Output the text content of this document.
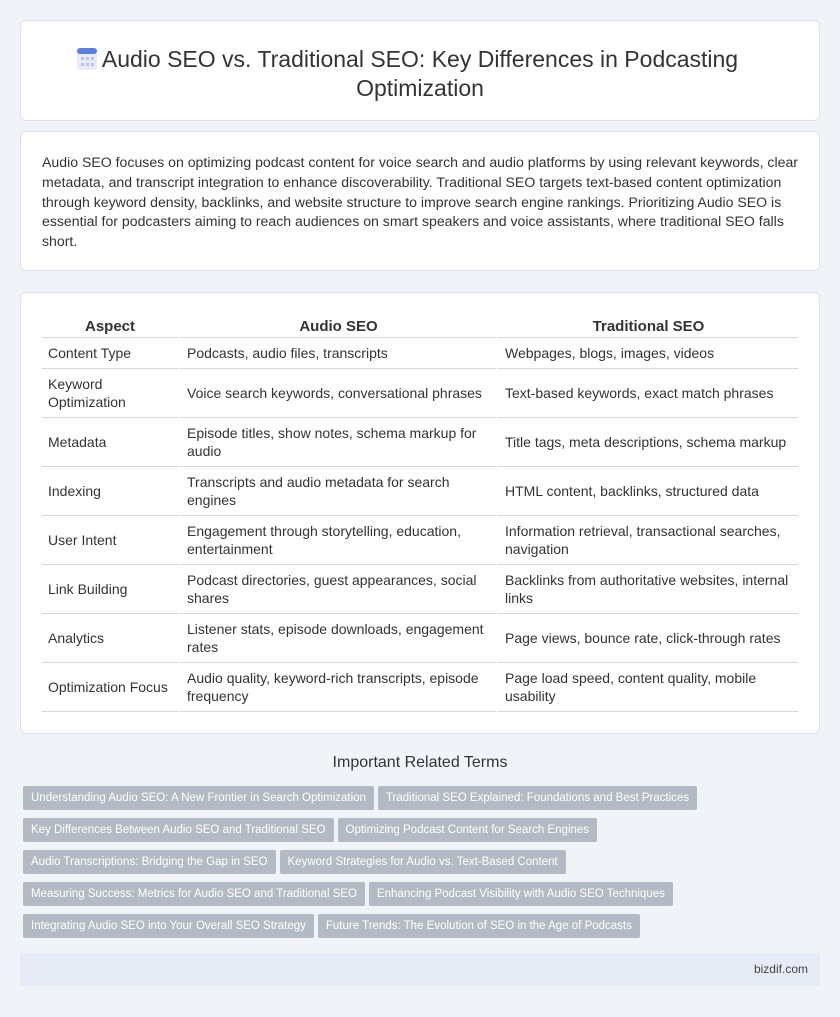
Audio SEO vs. Traditional SEO: Key Differences in Podcasting Optimization

Audio SEO focuses on optimizing podcast content for voice search and audio platforms by using relevant keywords, clear metadata, and transcript integration to enhance discoverability. Traditional SEO targets text-based content optimization through keyword density, backlinks, and website structure to improve search engine rankings. Prioritizing Audio SEO is essential for podcasters aiming to reach audiences on smart speakers and voice assistants, where traditional SEO falls short.

Aspect	Audio SEO	Traditional SEO
Content Type	Podcasts, audio files, transcripts	Webpages, blogs, images, videos
Keyword Optimization	Voice search keywords, conversational phrases	Text-based keywords, exact match phrases
Metadata	Episode titles, show notes, schema markup for audio	Title tags, meta descriptions, schema markup
Indexing	Transcripts and audio metadata for search engines	HTML content, backlinks, structured data
User Intent	Engagement through storytelling, education, entertainment	Information retrieval, transactional searches, navigation
Link Building	Podcast directories, guest appearances, social shares	Backlinks from authoritative websites, internal links
Analytics	Listener stats, episode downloads, engagement rates	Page views, bounce rate, click-through rates
Optimization Focus	Audio quality, keyword-rich transcripts, episode frequency	Page load speed, content quality, mobile usability
Important Related Terms
Understanding Audio SEO: A New Frontier in Search Optimization Traditional SEO Explained: Foundations and Best Practices
Key Differences Between Audio SEO and Traditional SEO Optimizing Podcast Content for Search Engines
Audio Transcriptions: Bridging the Gap in SEO Keyword Strategies for Audio vs. Text-Based Content
Measuring Success: Metrics for Audio SEO and Traditional SEO Enhancing Podcast Visibility with Audio SEO Techniques
Integrating Audio SEO into Your Overall SEO Strategy Future Trends: The Evolution of SEO in the Age of Podcasts
bizdif.com
